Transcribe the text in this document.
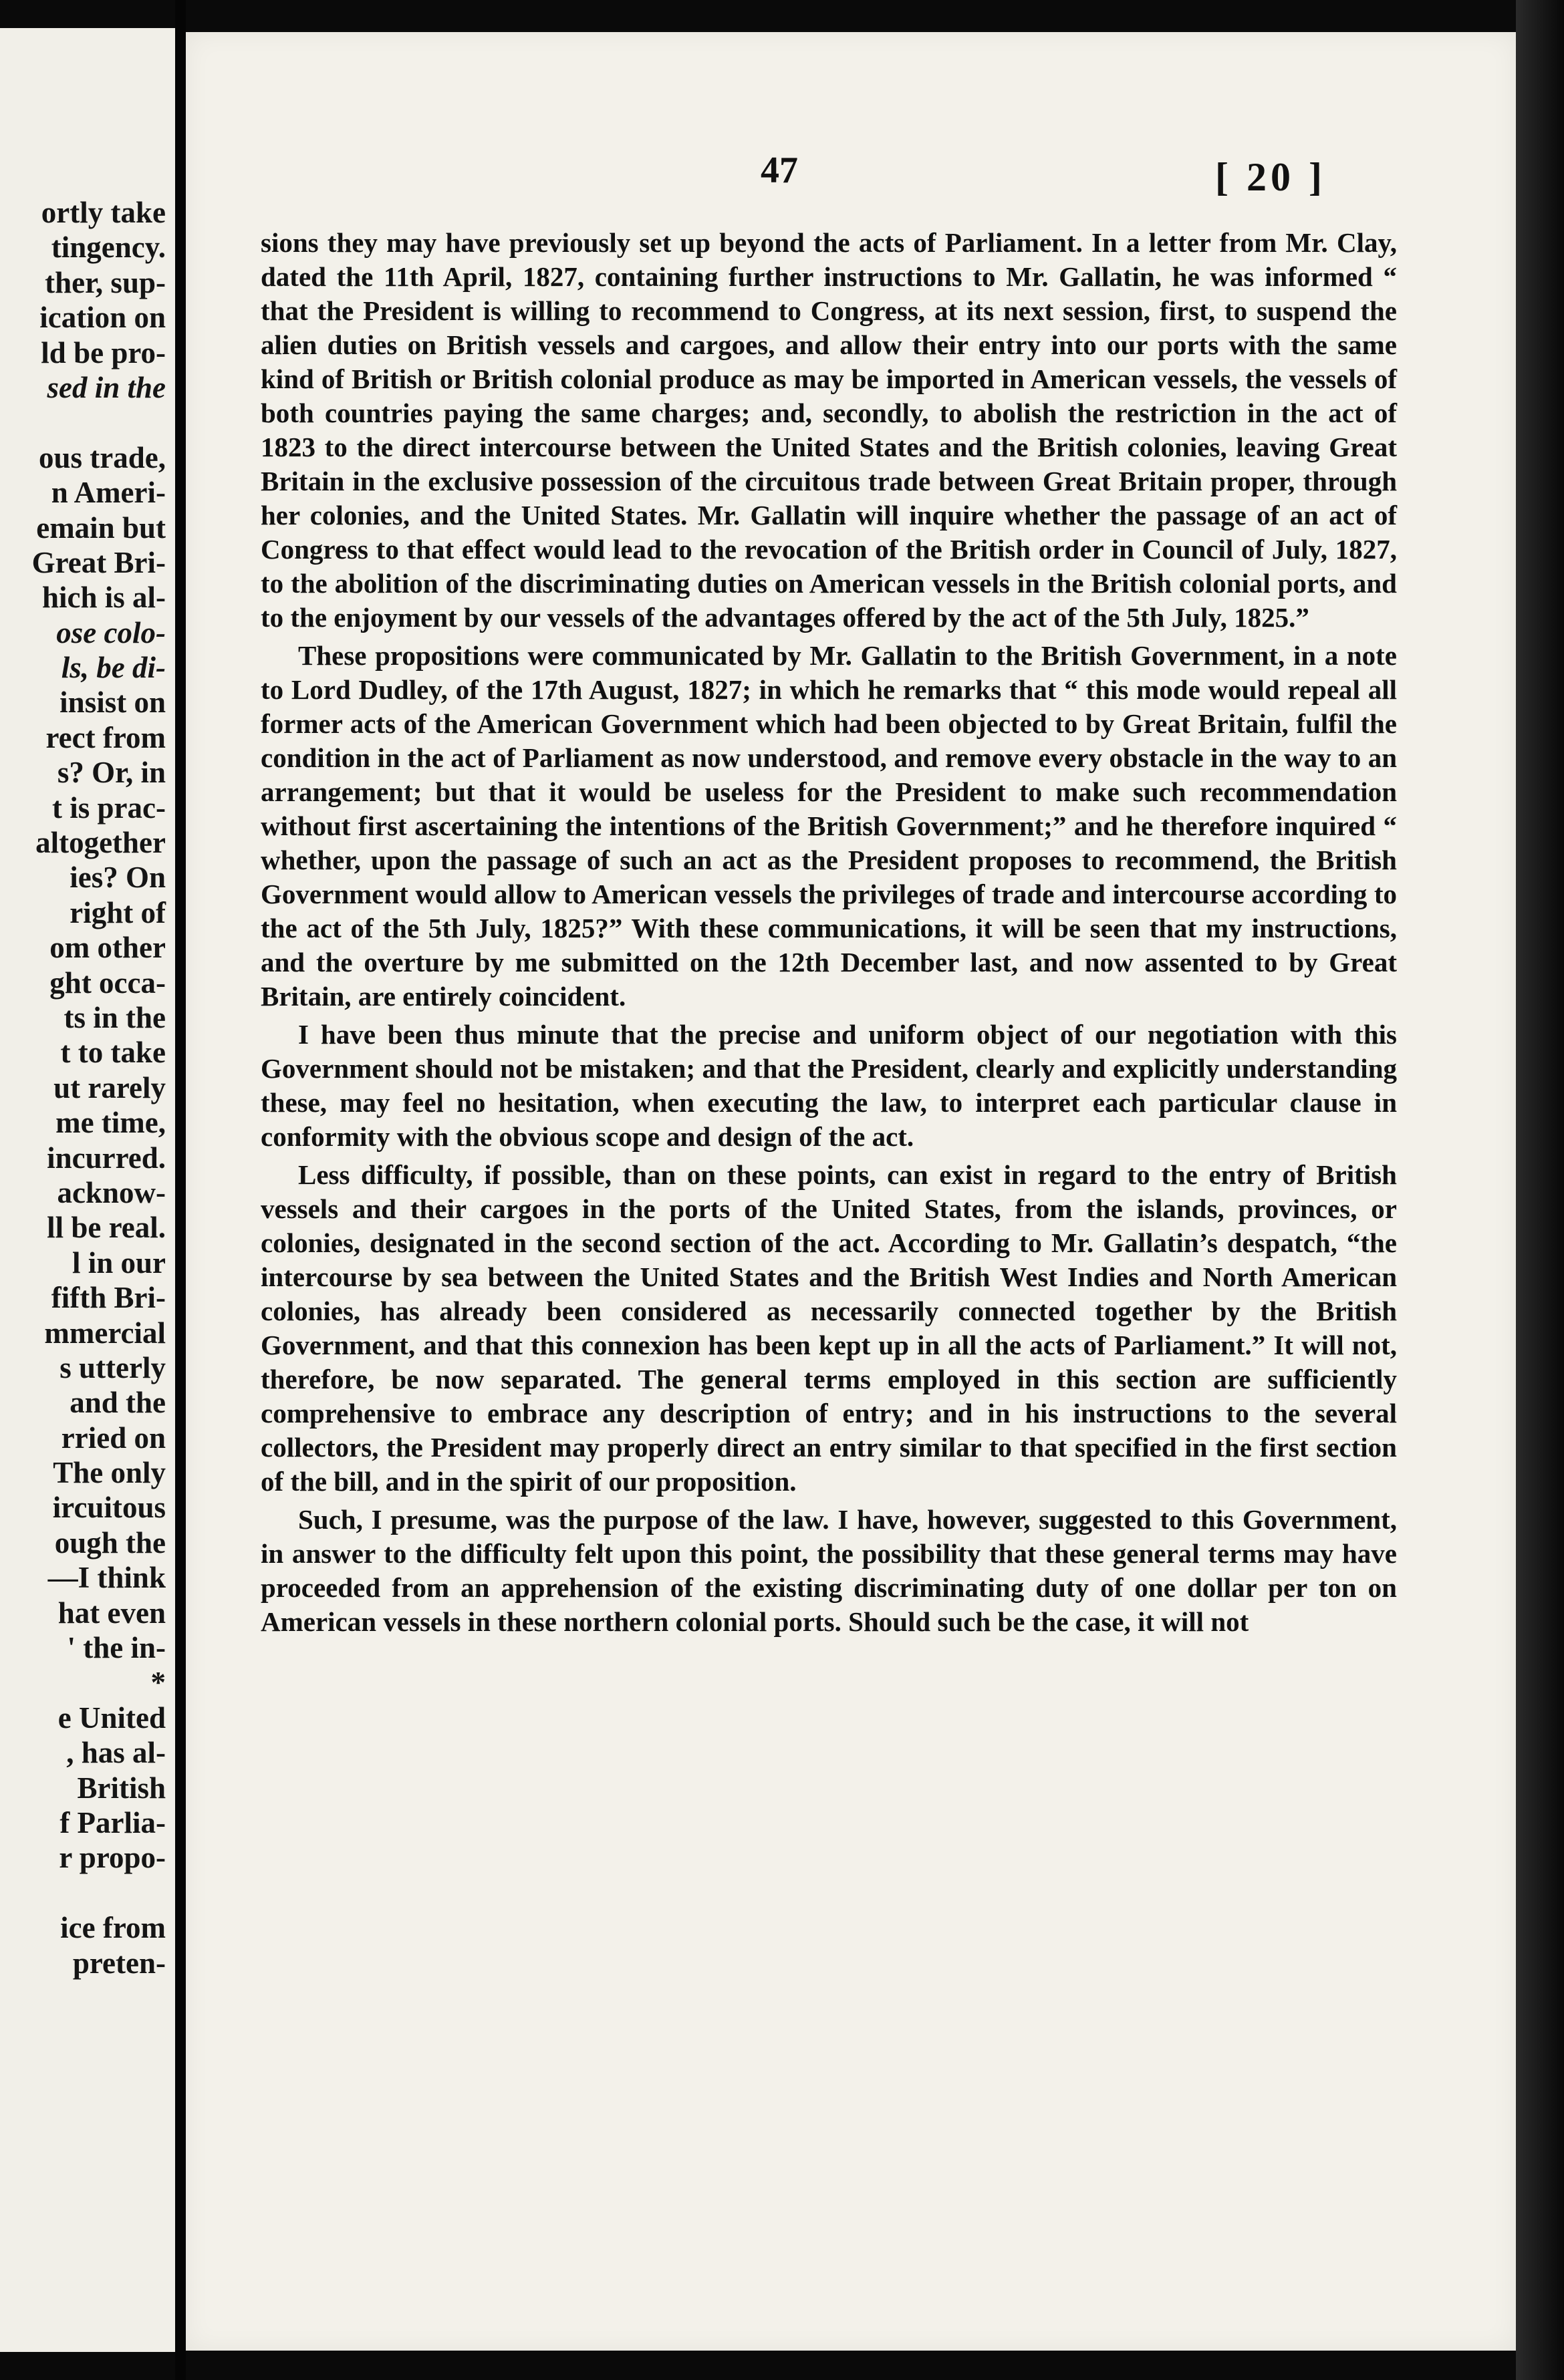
ortly take
tingency.
ther, sup-
ication on
ld be pro-
sed in the
ous trade,
n Ameri-
emain but
Great Bri-
hich is al-
ose colo-
ls, be di-
insist on
rect from
s? Or, in
t is prac-
altogether
ies? On
right of
om other
ght occa-
ts in the
t to take
ut rarely
me time,
incurred.
acknow-
ll be real.
l in our
fifth Bri-
mmercial
s utterly
and the
rried on
The only
ircuitous
ough the
—I think
hat even
' the in-
*
e United
, has al-
British
f Parlia-
r propo-
ice from
preten-
47	[ 20 ]

sions they may have previously set up beyond the acts of Parliament. In a letter from Mr. Clay, dated the 11th April, 1827, containing further instructions to Mr. Gallatin, he was informed “ that the President is willing to recommend to Congress, at its next session, first, to suspend the alien duties on British vessels and cargoes, and allow their entry into our ports with the same kind of British or British colonial produce as may be imported in American vessels, the vessels of both countries paying the same charges; and, secondly, to abolish the restriction in the act of 1823 to the direct intercourse between the United States and the British colonies, leaving Great Britain in the exclusive possession of the circuitous trade between Great Britain proper, through her colonies, and the United States. Mr. Gallatin will inquire whether the passage of an act of Congress to that effect would lead to the revocation of the British order in Council of July, 1827, to the abolition of the discriminating duties on American vessels in the British colonial ports, and to the enjoyment by our vessels of the advantages offered by the act of the 5th July, 1825.”

These propositions were communicated by Mr. Gallatin to the British Government, in a note to Lord Dudley, of the 17th August, 1827; in which he remarks that “ this mode would repeal all former acts of the American Government which had been objected to by Great Britain, fulfil the condition in the act of Parliament as now understood, and remove every obstacle in the way to an arrangement; but that it would be useless for the President to make such recommendation without first ascertaining the intentions of the British Government;” and he therefore inquired “ whether, upon the passage of such an act as the President proposes to recommend, the British Government would allow to American vessels the privileges of trade and intercourse according to the act of the 5th July, 1825?” With these communications, it will be seen that my instructions, and the overture by me submitted on the 12th December last, and now assented to by Great Britain, are entirely coincident.

I have been thus minute that the precise and uniform object of our negotiation with this Government should not be mistaken; and that the President, clearly and explicitly understanding these, may feel no hesitation, when executing the law, to interpret each particular clause in conformity with the obvious scope and design of the act.

Less difficulty, if possible, than on these points, can exist in regard to the entry of British vessels and their cargoes in the ports of the United States, from the islands, provinces, or colonies, designated in the second section of the act. According to Mr. Gallatin’s despatch, “the intercourse by sea between the United States and the British West Indies and North American colonies, has already been considered as necessarily connected together by the British Government, and that this connexion has been kept up in all the acts of Parliament.” It will not, therefore, be now separated. The general terms employed in this section are sufficiently comprehensive to embrace any description of entry; and in his instructions to the several collectors, the President may properly direct an entry similar to that specified in the first section of the bill, and in the spirit of our proposition.

Such, I presume, was the purpose of the law. I have, however, suggested to this Government, in answer to the difficulty felt upon this point, the possibility that these general terms may have proceeded from an apprehension of the existing discriminating duty of one dollar per ton on American vessels in these northern colonial ports. Should such be the case, it will not
